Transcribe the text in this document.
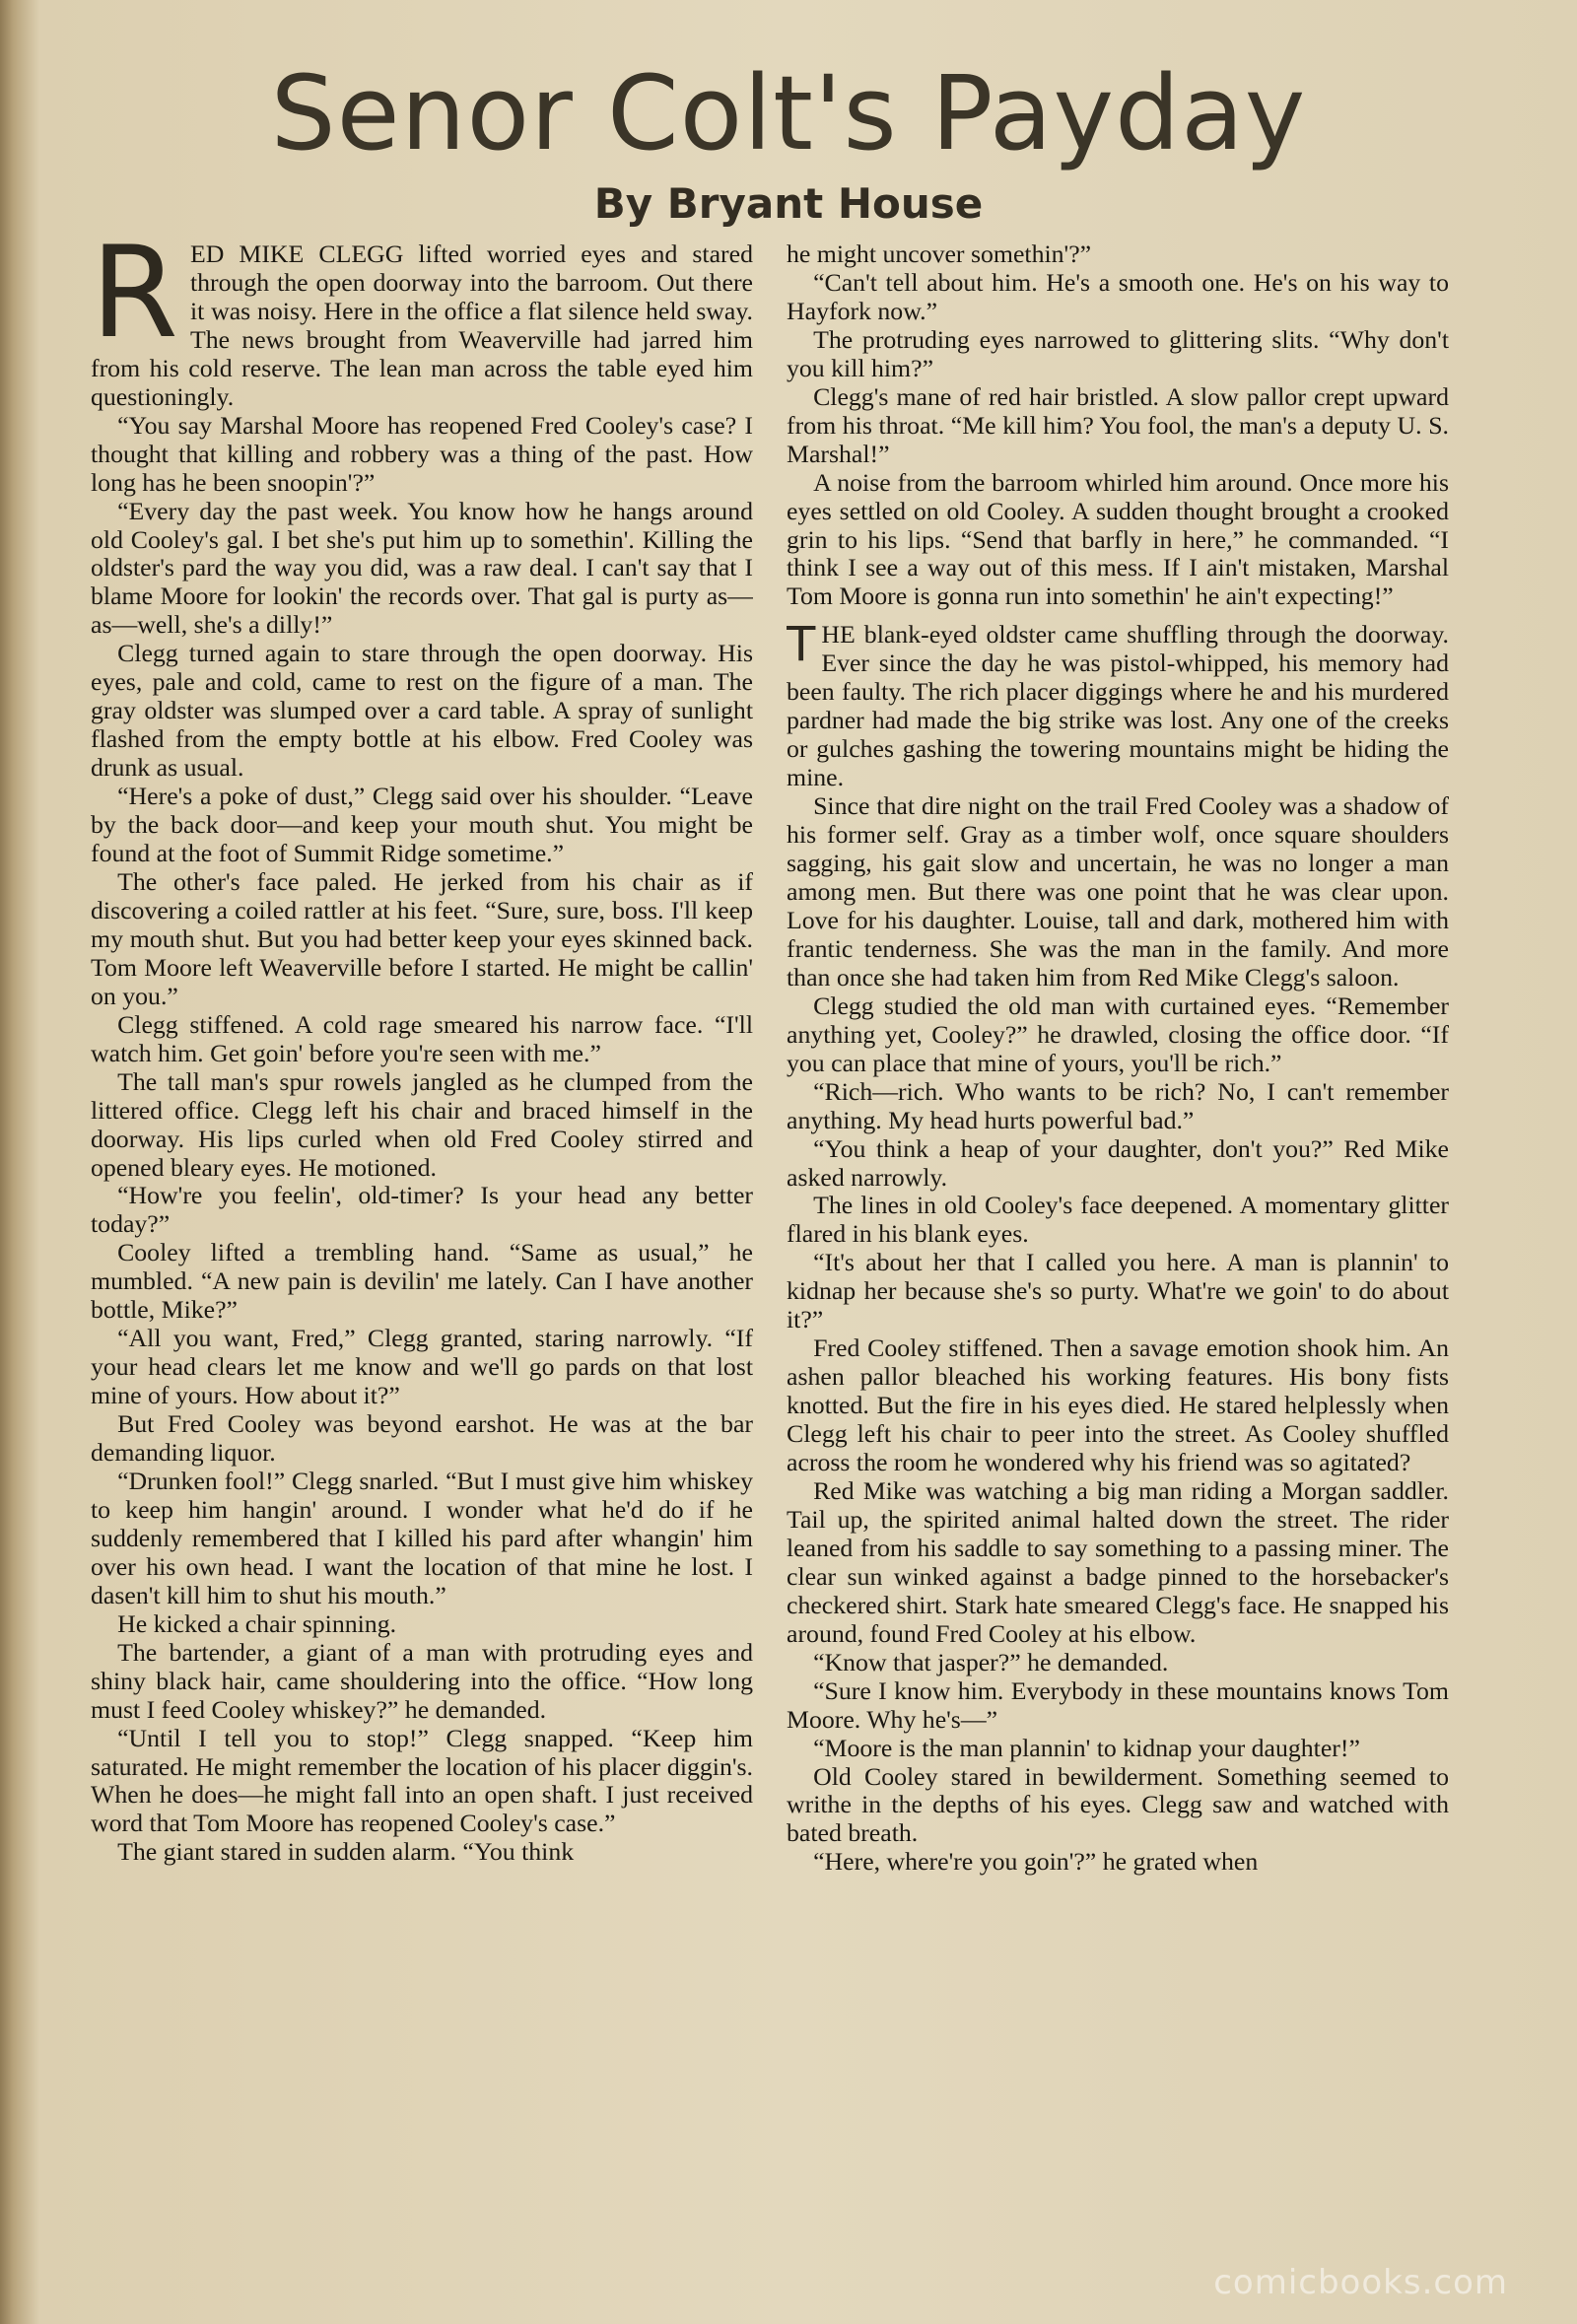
Senor Colt's Payday
By Bryant House

RED MIKE CLEGG lifted worried eyes and stared through the open doorway into the barroom. Out there it was noisy. Here in the office a flat silence held sway. The news brought from Weaverville had jarred him from his cold reserve. The lean man across the table eyed him questioningly.

“You say Marshal Moore has reopened Fred Cooley's case? I thought that killing and robbery was a thing of the past. How long has he been snoopin'?”

“Every day the past week. You know how he hangs around old Cooley's gal. I bet she's put him up to somethin'. Killing the oldster's pard the way you did, was a raw deal. I can't say that I blame Moore for lookin' the records over. That gal is purty as—as—well, she's a dilly!”

Clegg turned again to stare through the open doorway. His eyes, pale and cold, came to rest on the figure of a man. The gray oldster was slumped over a card table. A spray of sunlight flashed from the empty bottle at his elbow. Fred Cooley was drunk as usual.

“Here's a poke of dust,” Clegg said over his shoulder. “Leave by the back door—and keep your mouth shut. You might be found at the foot of Summit Ridge sometime.”

The other's face paled. He jerked from his chair as if discovering a coiled rattler at his feet. “Sure, sure, boss. I'll keep my mouth shut. But you had better keep your eyes skinned back. Tom Moore left Weaverville before I started. He might be callin' on you.”

Clegg stiffened. A cold rage smeared his narrow face. “I'll watch him. Get goin' before you're seen with me.”

The tall man's spur rowels jangled as he clumped from the littered office. Clegg left his chair and braced himself in the doorway. His lips curled when old Fred Cooley stirred and opened bleary eyes. He motioned.

“How're you feelin', old-timer? Is your head any better today?”

Cooley lifted a trembling hand. “Same as usual,” he mumbled. “A new pain is devilin' me lately. Can I have another bottle, Mike?”

“All you want, Fred,” Clegg granted, staring narrowly. “If your head clears let me know and we'll go pards on that lost mine of yours. How about it?”

But Fred Cooley was beyond earshot. He was at the bar demanding liquor.

“Drunken fool!” Clegg snarled. “But I must give him whiskey to keep him hangin' around. I wonder what he'd do if he suddenly remembered that I killed his pard after whangin' him over his own head. I want the location of that mine he lost. I dasen't kill him to shut his mouth.”

He kicked a chair spinning.

The bartender, a giant of a man with protruding eyes and shiny black hair, came shouldering into the office. “How long must I feed Cooley whiskey?” he demanded.

“Until I tell you to stop!” Clegg snapped. “Keep him saturated. He might remember the location of his placer diggin's. When he does—he might fall into an open shaft. I just received word that Tom Moore has reopened Cooley's case.”

The giant stared in sudden alarm. “You think

he might uncover somethin'?”

“Can't tell about him. He's a smooth one. He's on his way to Hayfork now.”

The protruding eyes narrowed to glittering slits. “Why don't you kill him?”

Clegg's mane of red hair bristled. A slow pallor crept upward from his throat. “Me kill him? You fool, the man's a deputy U. S. Marshal!”

A noise from the barroom whirled him around. Once more his eyes settled on old Cooley. A sudden thought brought a crooked grin to his lips. “Send that barfly in here,” he commanded. “I think I see a way out of this mess. If I ain't mistaken, Marshal Tom Moore is gonna run into somethin' he ain't expecting!”

THE blank-eyed oldster came shuffling through the doorway. Ever since the day he was pistol-whipped, his memory had been faulty. The rich placer diggings where he and his murdered pardner had made the big strike was lost. Any one of the creeks or gulches gashing the towering mountains might be hiding the mine.

Since that dire night on the trail Fred Cooley was a shadow of his former self. Gray as a timber wolf, once square shoulders sagging, his gait slow and uncertain, he was no longer a man among men. But there was one point that he was clear upon. Love for his daughter. Louise, tall and dark, mothered him with frantic tenderness. She was the man in the family. And more than once she had taken him from Red Mike Clegg's saloon.

Clegg studied the old man with curtained eyes. “Remember anything yet, Cooley?” he drawled, closing the office door. “If you can place that mine of yours, you'll be rich.”

“Rich—rich. Who wants to be rich? No, I can't remember anything. My head hurts powerful bad.”

“You think a heap of your daughter, don't you?” Red Mike asked narrowly.

The lines in old Cooley's face deepened. A momentary glitter flared in his blank eyes.

“It's about her that I called you here. A man is plannin' to kidnap her because she's so purty. What're we goin' to do about it?”

Fred Cooley stiffened. Then a savage emotion shook him. An ashen pallor bleached his working features. His bony fists knotted. But the fire in his eyes died. He stared helplessly when Clegg left his chair to peer into the street. As Cooley shuffled across the room he wondered why his friend was so agitated?

Red Mike was watching a big man riding a Morgan saddler. Tail up, the spirited animal halted down the street. The rider leaned from his saddle to say something to a passing miner. The clear sun winked against a badge pinned to the horsebacker's checkered shirt. Stark hate smeared Clegg's face. He snapped his around, found Fred Cooley at his elbow.

“Know that jasper?” he demanded.

“Sure I know him. Everybody in these mountains knows Tom Moore. Why he's—”

“Moore is the man plannin' to kidnap your daughter!”

Old Cooley stared in bewilderment. Something seemed to writhe in the depths of his eyes. Clegg saw and watched with bated breath.

“Here, where're you goin'?” he grated when

comicbooks.com
